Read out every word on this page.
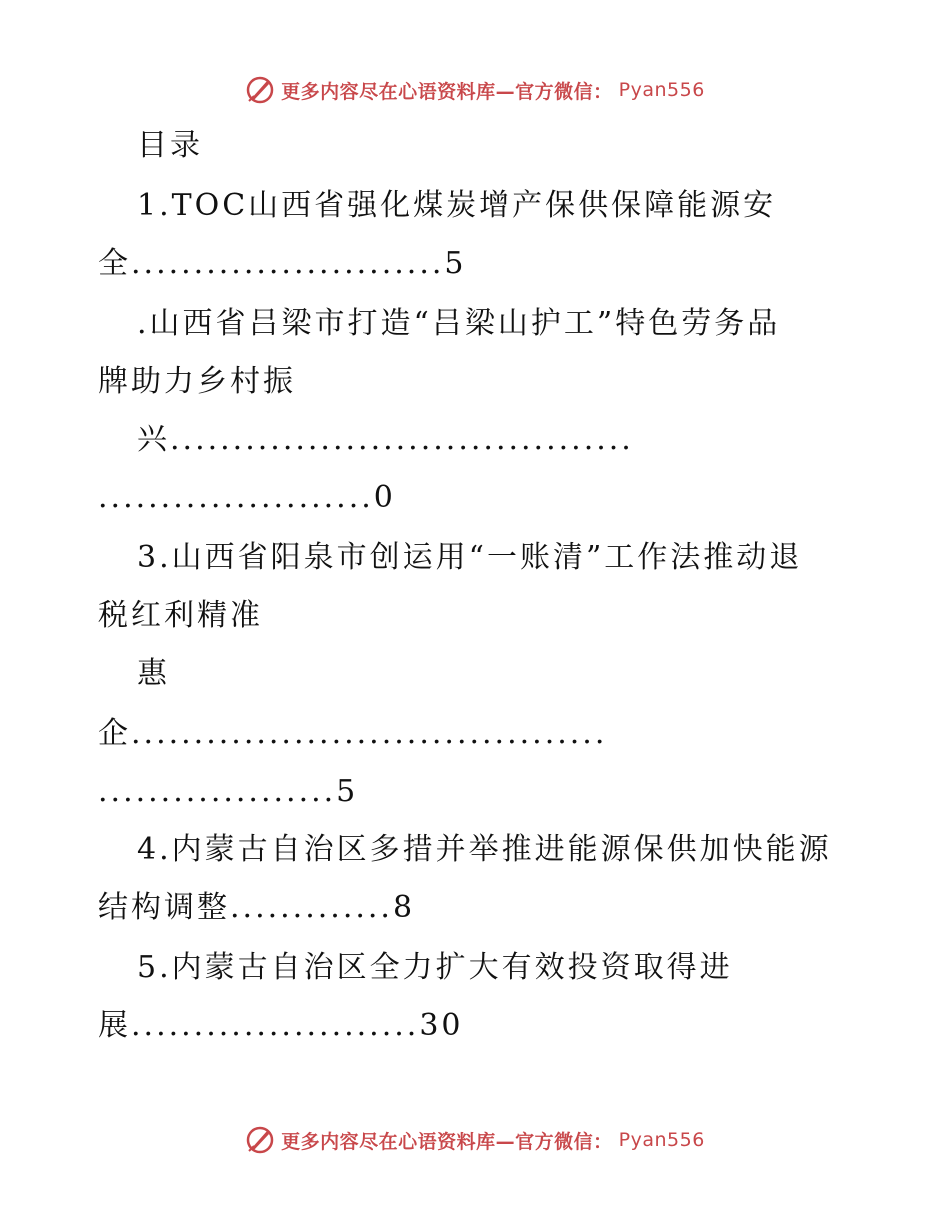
更多内容尽在心语资料库—官方微信： Pyan556
目录
1.TOC山西省强化煤炭增产保供保障能源安
全.........................5
.山西省吕梁市打造“吕梁山护工”特色劳务品
牌助力乡村振
兴.....................................
......................0
3.山西省阳泉市创运用“一账清”工作法推动退
税红利精准
惠
企......................................
...................5
4.内蒙古自治区多措并举推进能源保供加快能源
结构调整.............8
5.内蒙古自治区全力扩大有效投资取得进
展.......................30
更多内容尽在心语资料库—官方微信： Pyan556
